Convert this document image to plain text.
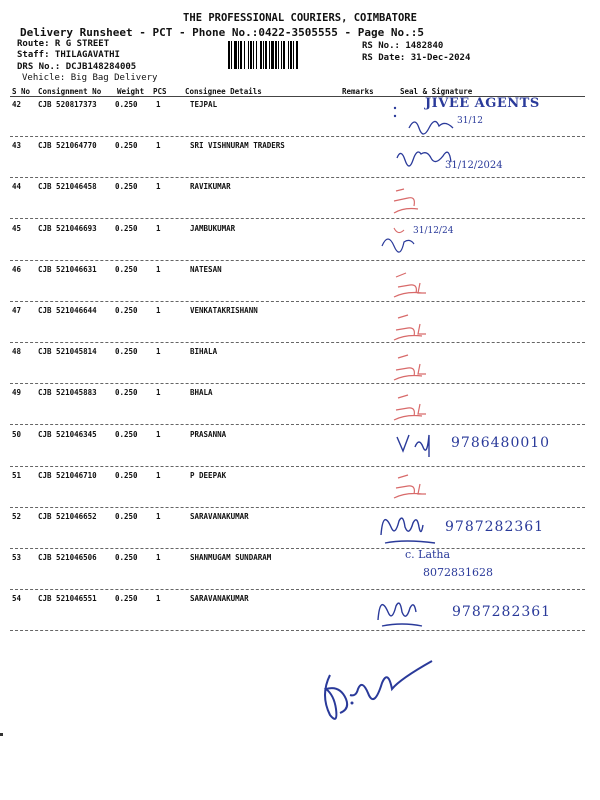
THE PROFESSIONAL COURIERS, COIMBATORE
Delivery Runsheet - PCT - Phone No.:0422-3505555 - Page No.:5
Route: R G STREET
Staff: THILAGAVATHI
DRS No.: DCJB148284005
Vehicle: Big Bag Delivery
RS No.: 1482840
RS Date: 31-Dec-2024
S No Consignment No Weight PCS Consignee Details	Remarks	Seal & Signature
42 CJB 520817373 0.250 1	TEJPAL
43 CJB 521064770 0.250 1	SRI VISHNURAM TRADERS
44 CJB 521046458 0.250 1	RAVIKUMAR
45 CJB 521046693 0.250 1	JAMBUKUMAR
46 CJB 521046631 0.250 1	NATESAN
47 CJB 521046644 0.250 1	VENKATAKRISHANN
48 CJB 521045814 0.250 1	BIHALA
49 CJB 521045883 0.250 1	BHALA
50 CJB 521046345 0.250 1	PRASANNA
51 CJB 521046710 0.250 1	P DEEPAK
52 CJB 521046652 0.250 1	SARAVANAKUMAR
53 CJB 521046506 0.250 1	SHANMUGAM SUNDARAM
54 CJB 521046551 0.250 1	SARAVANAKUMAR
JIVEE AGENTS
31/12
31/12/2024
31/12/24
9786480010
9787282361
c. Latha
8072831628
9787282361
